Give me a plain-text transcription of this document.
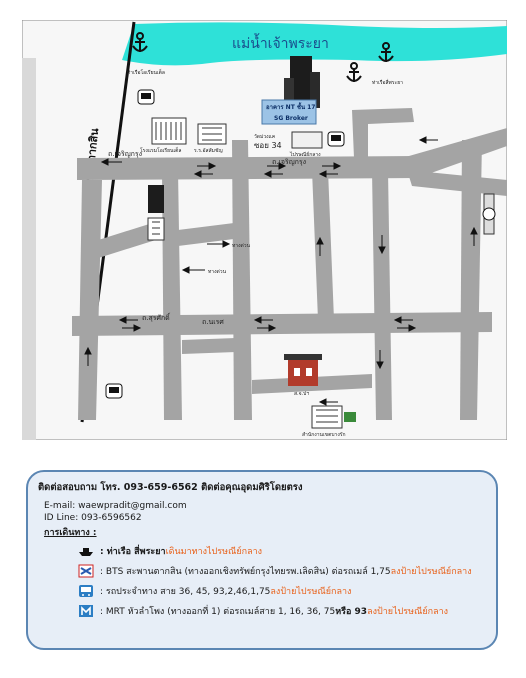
แม่น้ำเจ้าพระยา
ถ.เจริญกรุง
ถ.เจริญกรุง
ถ.สุรศักดิ์	ถ.นเรศ
ท่าเรือโอเรียนเต็ล
ท่าเรือสี่พระยา
อาคาร NT ชั้น 17
SG Broker
โรงแรมโอเรียนเต็ล	ร.ร.อัสสัมชัญ
ไปรษณีย์กลาง
วัดม่วงแค
ซอย 34
ส.จ.ปฯ
สำนักงานเขตบางรัก
ทางด่วน
ทางด่วน
ติดต่อสอบถาม โทร. 093-659-6562 ติดต่อคุณอุดมศิริโดยตรง
E-mail: waewpradit@gmail.com
ID Line: 093-6596562
การเดินทาง :
: ท่าเรือ สี่พระยา เดินมาทางไปรษณีย์กลาง
: BTS สะพานตากสิน (ทางออกเชิงทรัพย์กรุงไทยรพ.เลิดสิน) ต่อรถเมล์ 1,75 ลงป้ายไปรษณีย์กลาง
: รถประจำทาง สาย 36, 45, 93,2,46,1,75 ลงป้ายไปรษณีย์กลาง
: MRT หัวลำโพง (ทางออกที่ 1) ต่อรถเมล์สาย 1, 16, 36, 75 หรือ 93 ลงป้ายไปรษณีย์กลาง
